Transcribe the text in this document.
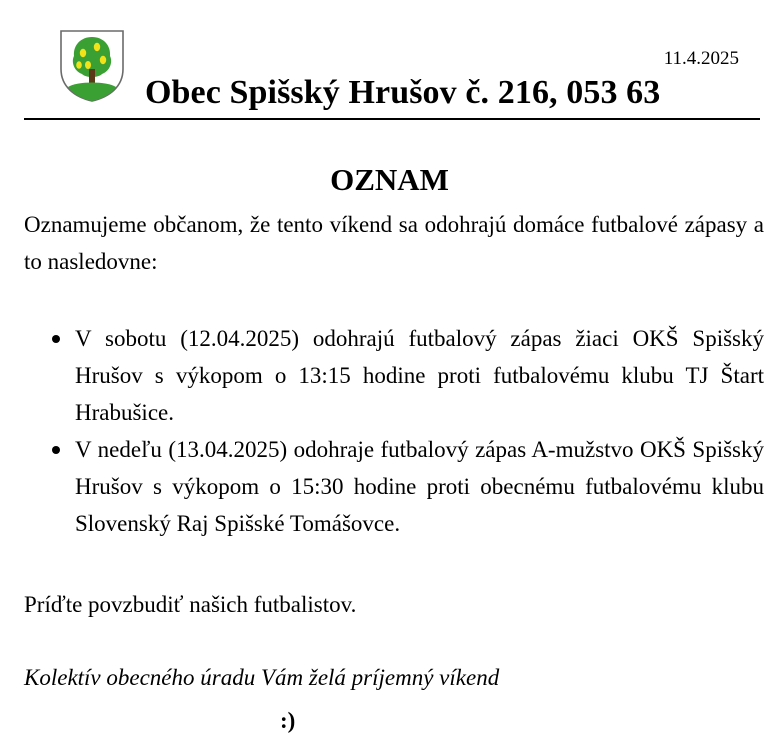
11.4.2025
Obec Spišský Hrušov č. 216, 053 63
OZNAM

Oznamujeme občanom, že tento víkend sa odohrajú domáce futbalové zápasy a to nasledovne:

V sobotu (12.04.2025) odohrajú futbalový zápas žiaci OKŠ Spišský Hrušov s výkopom o 13:15 hodine proti futbalovému klubu TJ Štart Hrabušice.
V nedeľu (13.04.2025) odohraje futbalový zápas A-mužstvo OKŠ Spišský Hrušov s výkopom o 15:30 hodine proti obecnému futbalovému klubu Slovenský Raj Spišské Tomášovce.

Príďte povzbudiť našich futbalistov.

Kolektív obecného úradu Vám želá príjemný víkend

:)
